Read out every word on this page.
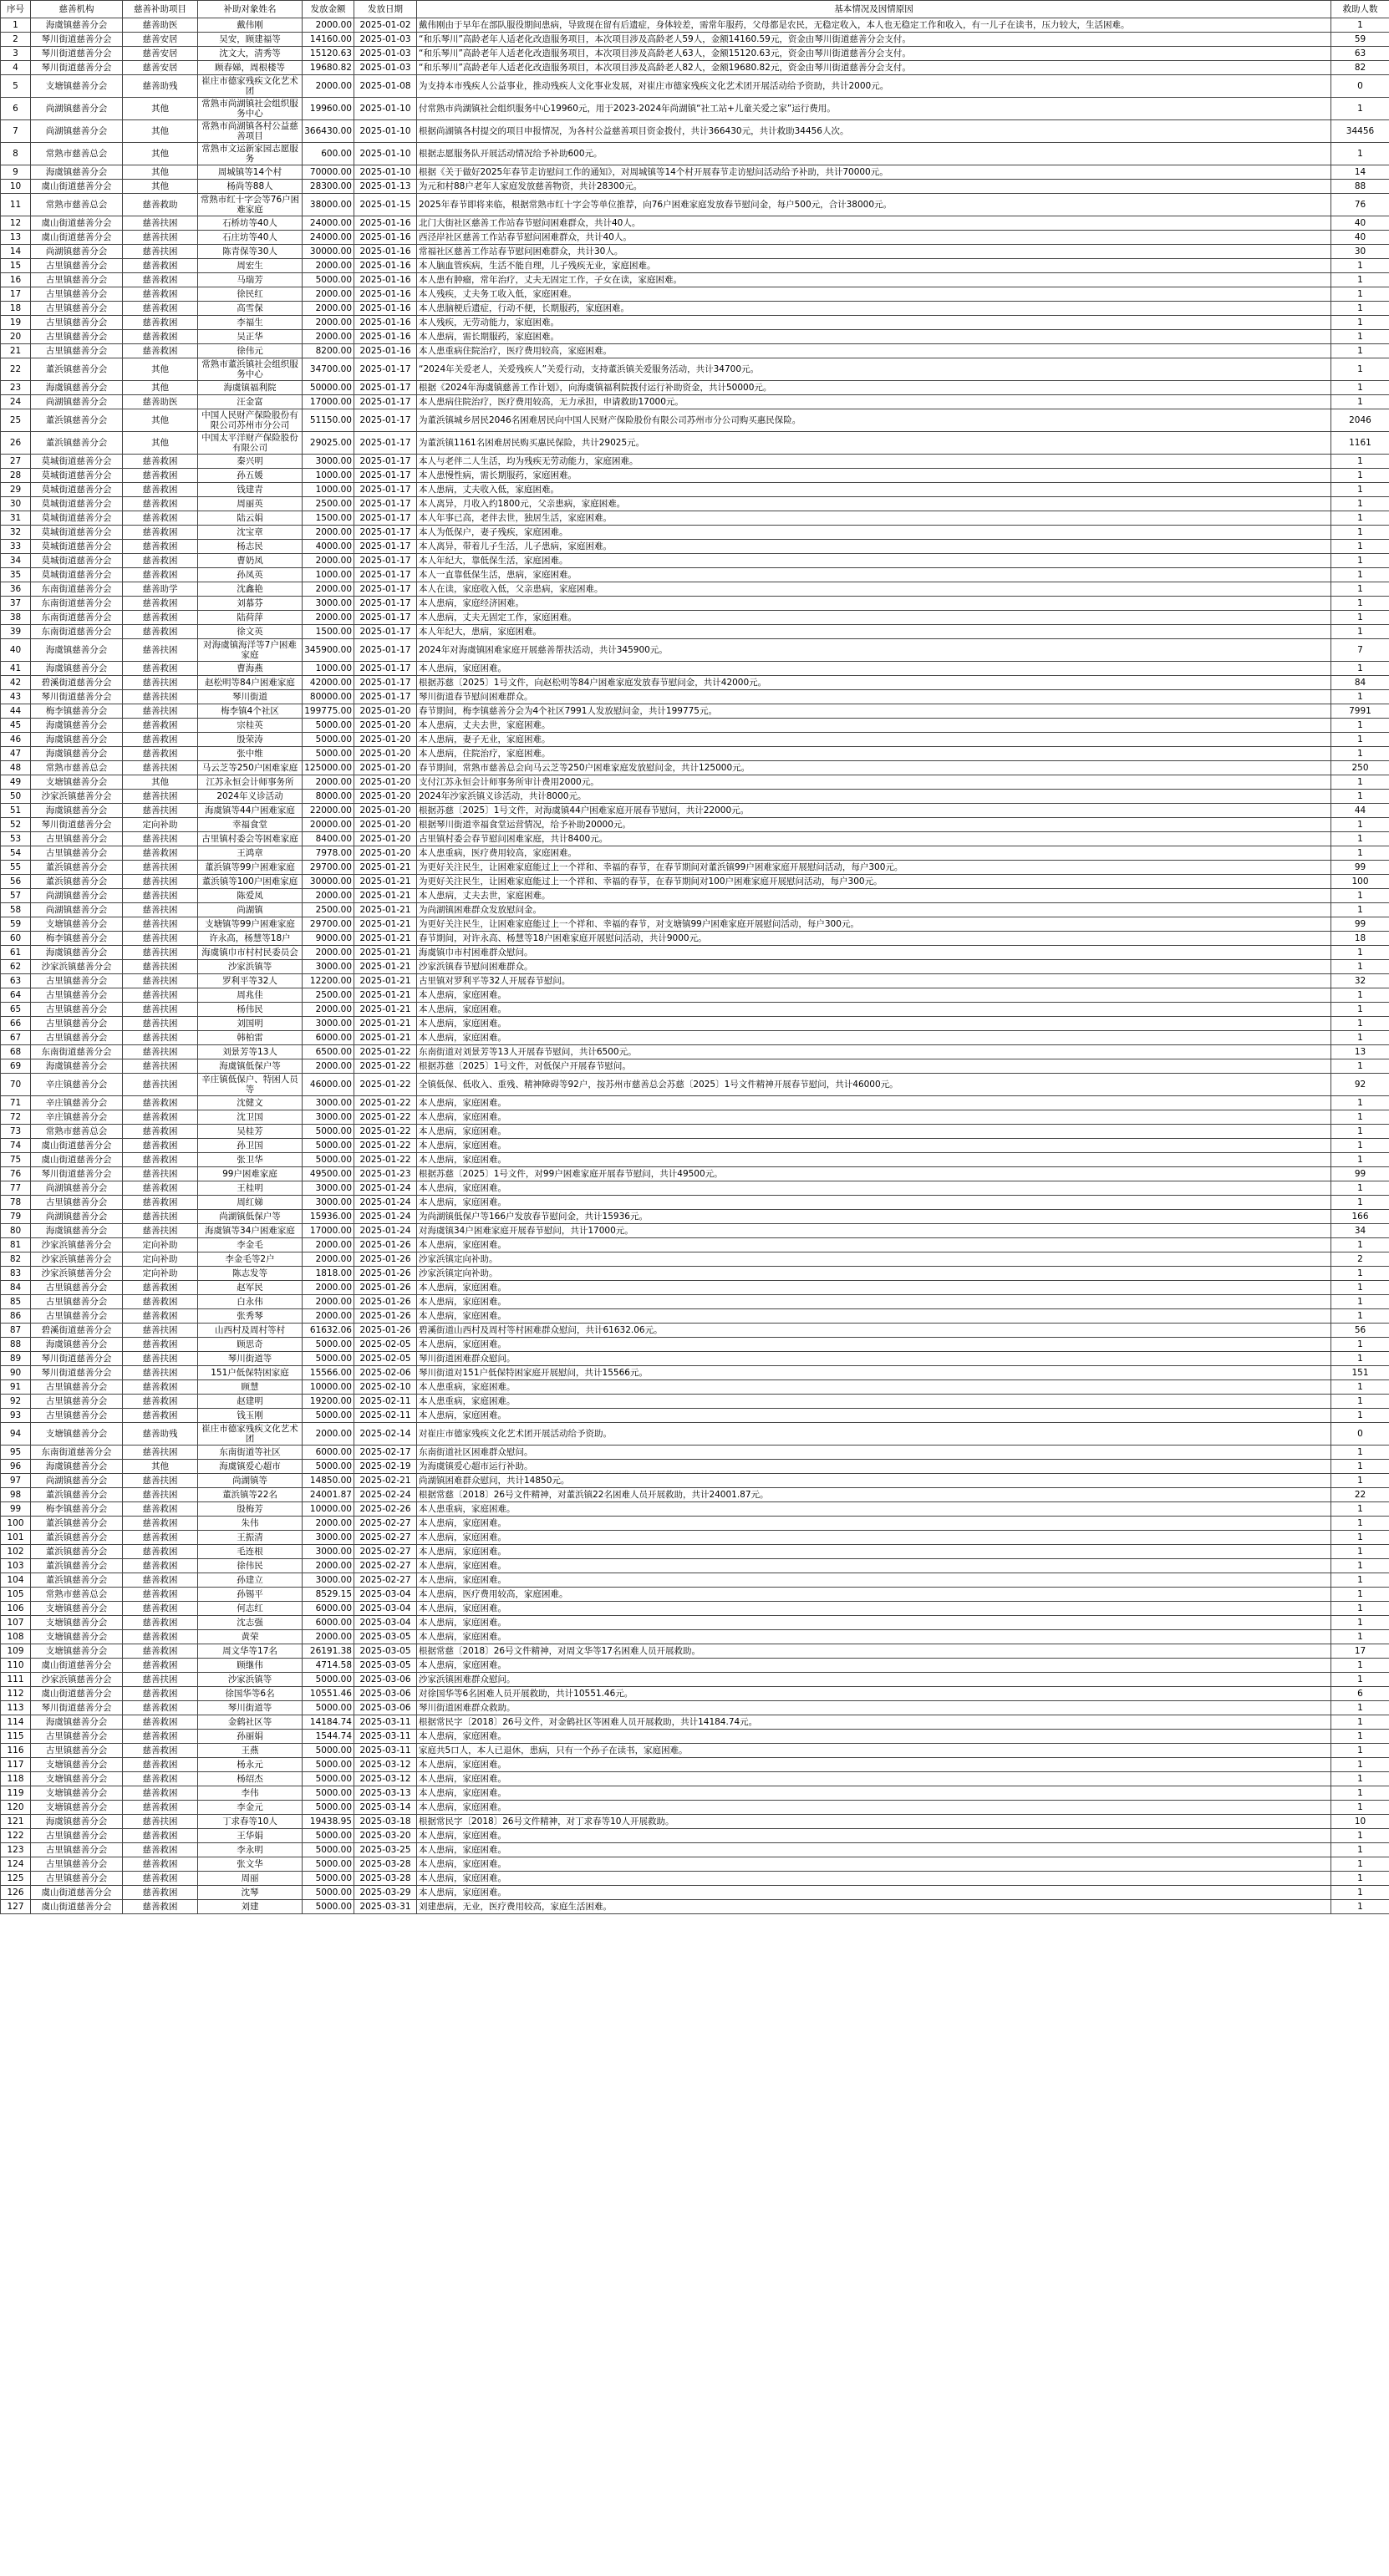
序号	慈善机构	慈善补助项目	补助对象姓名	发放金额	发放日期	基本情况及因情原因	救助人数
1	海虞镇慈善分会	慈善助医	戴伟刚	2000.00	2025-01-02	戴伟刚由于早年在部队服役期间患病，导致现在留有后遗症，身体较差，需常年服药，父母都是农民，无稳定收入，本人也无稳定工作和收入，有一儿子在读书，压力较大，生活困难。	1
2	琴川街道慈善分会	慈善安居	吴安，顾建福等	14160.00	2025-01-03	“和乐琴川”高龄老年人适老化改造服务项目，本次项目涉及高龄老人59人，金额14160.59元，资金由琴川街道慈善分会支付。	59
3	琴川街道慈善分会	慈善安居	沈文大，清秀等	15120.63	2025-01-03	“和乐琴川”高龄老年人适老化改造服务项目，本次项目涉及高龄老人63人，金额15120.63元，资金由琴川街道慈善分会支付。	63
4	琴川街道慈善分会	慈善安居	顾春娣，周根楼等	19680.82	2025-01-03	“和乐琴川”高龄老年人适老化改造服务项目，本次项目涉及高龄老人82人，金额19680.82元，资金由琴川街道慈善分会支付。	82
5	支塘镇慈善分会	慈善助残	崔庄市德家残疾文化艺术团	2000.00	2025-01-08	为支持本市残疾人公益事业，推动残疾人文化事业发展，对崔庄市德家残疾文化艺术团开展活动给予资助，共计2000元。	0
6	尚湖镇慈善分会	其他	常熟市尚湖镇社会组织服务中心	19960.00	2025-01-10	付常熟市尚湖镇社会组织服务中心19960元，用于2023-2024年尚湖镇“社工站+儿童关爱之家”运行费用。	1
7	尚湖镇慈善分会	其他	常熟市尚湖镇各村公益慈善项目	366430.00	2025-01-10	根据尚湖镇各村提交的项目申报情况，为各村公益慈善项目资金拨付，共计366430元，共计救助34456人次。	34456
8	常熟市慈善总会	其他	常熟市文运新家园志愿服务	600.00	2025-01-10	根据志愿服务队开展活动情况给予补助600元。	1
9	海虞镇慈善分会	其他	周城镇等14个村	70000.00	2025-01-10	根据《关于做好2025年春节走访慰问工作的通知》，对周城镇等14个村开展春节走访慰问活动给予补助，共计70000元。	14
10	虞山街道慈善分会	其他	杨尚等88人	28300.00	2025-01-13	为元和村88户老年人家庭发放慈善物资，共计28300元。	88
11	常熟市慈善总会	慈善救助	常熟市红十字会等76户困难家庭	38000.00	2025-01-15	2025年春节即将来临，根据常熟市红十字会等单位推荐，向76户困难家庭发放春节慰问金，每户500元，合计38000元。	76
12	虞山街道慈善分会	慈善扶困	石桥坊等40人	24000.00	2025-01-16	北门大街社区慈善工作站春节慰问困难群众，共计40人。	40
13	虞山街道慈善分会	慈善扶困	石庄坊等40人	24000.00	2025-01-16	西泾岸社区慈善工作站春节慰问困难群众，共计40人。	40
14	尚湖镇慈善分会	慈善扶困	陈青保等30人	30000.00	2025-01-16	常福社区慈善工作站春节慰问困难群众，共计30人。	30
15	古里镇慈善分会	慈善救困	周宏生	2000.00	2025-01-16	本人脑血管疾病，生活不能自理，儿子残疾无业，家庭困难。	1
16	古里镇慈善分会	慈善救困	马瑞芳	5000.00	2025-01-16	本人患有肿瘤，常年治疗，丈夫无固定工作，子女在读，家庭困难。	1
17	古里镇慈善分会	慈善救困	徐民红	2000.00	2025-01-16	本人残疾，丈夫务工收入低，家庭困难。	1
18	古里镇慈善分会	慈善救困	高雪保	2000.00	2025-01-16	本人患脑梗后遗症，行动不便，长期服药，家庭困难。	1
19	古里镇慈善分会	慈善救困	李福生	2000.00	2025-01-16	本人残疾，无劳动能力，家庭困难。	1
20	古里镇慈善分会	慈善救困	吴正华	2000.00	2025-01-16	本人患病，需长期服药，家庭困难。	1
21	古里镇慈善分会	慈善救困	徐伟元	8200.00	2025-01-16	本人患重病住院治疗，医疗费用较高，家庭困难。	1
22	董浜镇慈善分会	其他	常熟市董浜镇社会组织服务中心	34700.00	2025-01-17	“2024年关爱老人，关爱残疾人”关爱行动，支持董浜镇关爱服务活动，共计34700元。	1
23	海虞镇慈善分会	其他	海虞镇福利院	50000.00	2025-01-17	根据《2024年海虞镇慈善工作计划》，向海虞镇福利院拨付运行补助资金，共计50000元。	1
24	尚湖镇慈善分会	慈善助医	汪金富	17000.00	2025-01-17	本人患病住院治疗，医疗费用较高，无力承担，申请救助17000元。	1
25	董浜镇慈善分会	其他	中国人民财产保险股份有限公司苏州市分公司	51150.00	2025-01-17	为董浜镇城乡居民2046名困难居民向中国人民财产保险股份有限公司苏州市分公司购买惠民保险。	2046
26	董浜镇慈善分会	其他	中国太平洋财产保险股份有限公司	29025.00	2025-01-17	为董浜镇1161名困难居民购买惠民保险，共计29025元。	1161
27	莫城街道慈善分会	慈善救困	秦兴明	3000.00	2025-01-17	本人与老伴二人生活，均为残疾无劳动能力，家庭困难。	1
28	莫城街道慈善分会	慈善救困	孙五媛	1000.00	2025-01-17	本人患慢性病，需长期服药，家庭困难。	1
29	莫城街道慈善分会	慈善救困	钱建青	1000.00	2025-01-17	本人患病，丈夫收入低，家庭困难。	1
30	莫城街道慈善分会	慈善救困	周丽英	2500.00	2025-01-17	本人离异，月收入约1800元，父亲患病，家庭困难。	1
31	莫城街道慈善分会	慈善救困	陆云娟	1500.00	2025-01-17	本人年事已高，老伴去世，独居生活，家庭困难。	1
32	莫城街道慈善分会	慈善救困	沈宝章	2000.00	2025-01-17	本人为低保户，妻子残疾，家庭困难。	1
33	莫城街道慈善分会	慈善救困	杨志民	4000.00	2025-01-17	本人离异，带着儿子生活，儿子患病，家庭困难。	1
34	莫城街道慈善分会	慈善救困	曹奶凤	2000.00	2025-01-17	本人年纪大，靠低保生活，家庭困难。	1
35	莫城街道慈善分会	慈善救困	孙凤英	1000.00	2025-01-17	本人一直靠低保生活，患病，家庭困难。	1
36	东南街道慈善分会	慈善助学	沈鑫艳	2000.00	2025-01-17	本人在读，家庭收入低，父亲患病，家庭困难。	1
37	东南街道慈善分会	慈善救困	刘慕芬	3000.00	2025-01-17	本人患病，家庭经济困难。	1
38	东南街道慈善分会	慈善救困	陆荷萍	2000.00	2025-01-17	本人患病，丈夫无固定工作，家庭困难。	1
39	东南街道慈善分会	慈善救困	徐文英	1500.00	2025-01-17	本人年纪大，患病，家庭困难。	1
40	海虞镇慈善分会	慈善扶困	对海虞镇海洋等7户困难家庭	345900.00	2025-01-17	2024年对海虞镇困难家庭开展慈善帮扶活动，共计345900元。	7
41	海虞镇慈善分会	慈善救困	曹海燕	1000.00	2025-01-17	本人患病，家庭困难。	1
42	碧溪街道慈善分会	慈善扶困	赵松明等84户困难家庭	42000.00	2025-01-17	根据苏慈〔2025〕1号文件，向赵松明等84户困难家庭发放春节慰问金，共计42000元。	84
43	琴川街道慈善分会	慈善扶困	琴川街道	80000.00	2025-01-17	琴川街道春节慰问困难群众。	1
44	梅李镇慈善分会	慈善扶困	梅李镇4个社区	199775.00	2025-01-20	春节期间，梅李镇慈善分会为4个社区7991人发放慰问金，共计199775元。	7991
45	海虞镇慈善分会	慈善救困	宗桂英	5000.00	2025-01-20	本人患病，丈夫去世，家庭困难。	1
46	海虞镇慈善分会	慈善救困	殷荣涛	5000.00	2025-01-20	本人患病，妻子无业，家庭困难。	1
47	海虞镇慈善分会	慈善救困	张中维	5000.00	2025-01-20	本人患病，住院治疗，家庭困难。	1
48	常熟市慈善总会	慈善扶困	马云芝等250户困难家庭	125000.00	2025-01-20	春节期间，常熟市慈善总会向马云芝等250户困难家庭发放慰问金，共计125000元。	250
49	支塘镇慈善分会	其他	江苏永恒会计师事务所	2000.00	2025-01-20	支付江苏永恒会计师事务所审计费用2000元。	1
50	沙家浜镇慈善分会	慈善扶困	2024年义诊活动	8000.00	2025-01-20	2024年沙家浜镇义诊活动，共计8000元。	1
51	海虞镇慈善分会	慈善扶困	海虞镇等44户困难家庭	22000.00	2025-01-20	根据苏慈〔2025〕1号文件，对海虞镇44户困难家庭开展春节慰问，共计22000元。	44
52	琴川街道慈善分会	定向补助	幸福食堂	20000.00	2025-01-20	根据琴川街道幸福食堂运营情况，给予补助20000元。	1
53	古里镇慈善分会	慈善扶困	古里镇村委会等困难家庭	8400.00	2025-01-20	古里镇村委会春节慰问困难家庭，共计8400元。	1
54	古里镇慈善分会	慈善救困	王鸿章	7978.00	2025-01-20	本人患重病，医疗费用较高，家庭困难。	1
55	董浜镇慈善分会	慈善扶困	董浜镇等99户困难家庭	29700.00	2025-01-21	为更好关注民生，让困难家庭能过上一个祥和、幸福的春节，在春节期间对董浜镇99户困难家庭开展慰问活动，每户300元。	99
56	董浜镇慈善分会	慈善扶困	董浜镇等100户困难家庭	30000.00	2025-01-21	为更好关注民生，让困难家庭能过上一个祥和、幸福的春节，在春节期间对100户困难家庭开展慰问活动，每户300元。	100
57	尚湖镇慈善分会	慈善扶困	陈爱凤	2000.00	2025-01-21	本人患病，丈夫去世，家庭困难。	1
58	尚湖镇慈善分会	慈善扶困	尚湖镇	2500.00	2025-01-21	为尚湖镇困难群众发放慰问金。	1
59	支塘镇慈善分会	慈善扶困	支塘镇等99户困难家庭	29700.00	2025-01-21	为更好关注民生，让困难家庭能过上一个祥和、幸福的春节，对支塘镇99户困难家庭开展慰问活动，每户300元。	99
60	梅李镇慈善分会	慈善扶困	许永高，杨慧等18户	9000.00	2025-01-21	春节期间，对许永高、杨慧等18户困难家庭开展慰问活动，共计9000元。	18
61	海虞镇慈善分会	慈善扶困	海虞镇巾市村村民委员会	2000.00	2025-01-21	海虞镇巾市村困难群众慰问。	1
62	沙家浜镇慈善分会	慈善扶困	沙家浜镇等	3000.00	2025-01-21	沙家浜镇春节慰问困难群众。	1
63	古里镇慈善分会	慈善扶困	罗利平等32人	12200.00	2025-01-21	古里镇对罗利平等32人开展春节慰问。	32
64	古里镇慈善分会	慈善扶困	周兆佳	2500.00	2025-01-21	本人患病，家庭困难。	1
65	古里镇慈善分会	慈善扶困	杨伟民	2000.00	2025-01-21	本人患病，家庭困难。	1
66	古里镇慈善分会	慈善扶困	刘国明	3000.00	2025-01-21	本人患病，家庭困难。	1
67	古里镇慈善分会	慈善扶困	韩柏雷	6000.00	2025-01-21	本人患病，家庭困难。	1
68	东南街道慈善分会	慈善扶困	刘景芳等13人	6500.00	2025-01-22	东南街道对刘景芳等13人开展春节慰问，共计6500元。	13
69	海虞镇慈善分会	慈善扶困	海虞镇低保户等	2000.00	2025-01-22	根据苏慈〔2025〕1号文件，对低保户开展春节慰问。	1
70	辛庄镇慈善分会	慈善扶困	辛庄镇低保户、特困人员等	46000.00	2025-01-22	全镇低保、低收入、重残、精神障碍等92户，按苏州市慈善总会苏慈〔2025〕1号文件精神开展春节慰问，共计46000元。	92
71	辛庄镇慈善分会	慈善救困	沈健文	3000.00	2025-01-22	本人患病，家庭困难。	1
72	辛庄镇慈善分会	慈善救困	沈卫国	3000.00	2025-01-22	本人患病，家庭困难。	1
73	常熟市慈善总会	慈善救困	吴桂芳	5000.00	2025-01-22	本人患病，家庭困难。	1
74	虞山街道慈善分会	慈善救困	孙卫国	5000.00	2025-01-22	本人患病，家庭困难。	1
75	虞山街道慈善分会	慈善救困	张卫华	5000.00	2025-01-22	本人患病，家庭困难。	1
76	琴川街道慈善分会	慈善扶困	99户困难家庭	49500.00	2025-01-23	根据苏慈〔2025〕1号文件，对99户困难家庭开展春节慰问，共计49500元。	99
77	尚湖镇慈善分会	慈善救困	王桂明	3000.00	2025-01-24	本人患病，家庭困难。	1
78	古里镇慈善分会	慈善救困	周红娣	3000.00	2025-01-24	本人患病，家庭困难。	1
79	尚湖镇慈善分会	慈善扶困	尚湖镇低保户等	15936.00	2025-01-24	为尚湖镇低保户等166户发放春节慰问金，共计15936元。	166
80	海虞镇慈善分会	慈善扶困	海虞镇等34户困难家庭	17000.00	2025-01-24	对海虞镇34户困难家庭开展春节慰问，共计17000元。	34
81	沙家浜镇慈善分会	定向补助	李金毛	2000.00	2025-01-26	本人患病，家庭困难。	1
82	沙家浜镇慈善分会	定向补助	李金毛等2户	2000.00	2025-01-26	沙家浜镇定向补助。	2
83	沙家浜镇慈善分会	定向补助	陈志发等	1818.00	2025-01-26	沙家浜镇定向补助。	1
84	古里镇慈善分会	慈善救困	赵军民	2000.00	2025-01-26	本人患病，家庭困难。	1
85	古里镇慈善分会	慈善救困	白永伟	2000.00	2025-01-26	本人患病，家庭困难。	1
86	古里镇慈善分会	慈善救困	张秀琴	2000.00	2025-01-26	本人患病，家庭困难。	1
87	碧溪街道慈善分会	慈善扶困	山西村及周村等村	61632.06	2025-01-26	碧溪街道山西村及周村等村困难群众慰问，共计61632.06元。	56
88	海虞镇慈善分会	慈善救困	顾思奇	5000.00	2025-02-05	本人患病，家庭困难。	1
89	琴川街道慈善分会	慈善扶困	琴川街道等	5000.00	2025-02-05	琴川街道困难群众慰问。	1
90	琴川街道慈善分会	慈善扶困	151户低保特困家庭	15566.00	2025-02-06	琴川街道对151户低保特困家庭开展慰问，共计15566元。	151
91	古里镇慈善分会	慈善救困	顾慧	10000.00	2025-02-10	本人患重病，家庭困难。	1
92	古里镇慈善分会	慈善救困	赵建明	19200.00	2025-02-11	本人患重病，家庭困难。	1
93	古里镇慈善分会	慈善救困	钱玉刚	5000.00	2025-02-11	本人患病，家庭困难。	1
94	支塘镇慈善分会	慈善助残	崔庄市德家残疾文化艺术团	2000.00	2025-02-14	对崔庄市德家残疾文化艺术团开展活动给予资助。	0
95	东南街道慈善分会	慈善扶困	东南街道等社区	6000.00	2025-02-17	东南街道社区困难群众慰问。	1
96	海虞镇慈善分会	其他	海虞镇爱心超市	5000.00	2025-02-19	为海虞镇爱心超市运行补助。	1
97	尚湖镇慈善分会	慈善扶困	尚湖镇等	14850.00	2025-02-21	尚湖镇困难群众慰问，共计14850元。	1
98	董浜镇慈善分会	慈善扶困	董浜镇等22名	24001.87	2025-02-24	根据常慈〔2018〕26号文件精神，对董浜镇22名困难人员开展救助，共计24001.87元。	22
99	梅李镇慈善分会	慈善救困	殷梅芳	10000.00	2025-02-26	本人患重病，家庭困难。	1
100	董浜镇慈善分会	慈善救困	朱伟	2000.00	2025-02-27	本人患病，家庭困难。	1
101	董浜镇慈善分会	慈善救困	王振清	3000.00	2025-02-27	本人患病，家庭困难。	1
102	董浜镇慈善分会	慈善救困	毛连根	3000.00	2025-02-27	本人患病，家庭困难。	1
103	董浜镇慈善分会	慈善救困	徐伟民	2000.00	2025-02-27	本人患病，家庭困难。	1
104	董浜镇慈善分会	慈善救困	孙建立	3000.00	2025-02-27	本人患病，家庭困难。	1
105	常熟市慈善总会	慈善救困	孙锡平	8529.15	2025-03-04	本人患病，医疗费用较高，家庭困难。	1
106	支塘镇慈善分会	慈善救困	何志红	6000.00	2025-03-04	本人患病，家庭困难。	1
107	支塘镇慈善分会	慈善救困	沈志强	6000.00	2025-03-04	本人患病，家庭困难。	1
108	支塘镇慈善分会	慈善救困	黄荣	2000.00	2025-03-05	本人患病，家庭困难。	1
109	支塘镇慈善分会	慈善救困	周文华等17名	26191.38	2025-03-05	根据常慈〔2018〕26号文件精神，对周文华等17名困难人员开展救助。	17
110	虞山街道慈善分会	慈善救困	顾继伟	4714.58	2025-03-05	本人患病，家庭困难。	1
111	沙家浜镇慈善分会	慈善扶困	沙家浜镇等	5000.00	2025-03-06	沙家浜镇困难群众慰问。	1
112	虞山街道慈善分会	慈善救困	徐国华等6名	10551.46	2025-03-06	对徐国华等6名困难人员开展救助，共计10551.46元。	6
113	琴川街道慈善分会	慈善救困	琴川街道等	5000.00	2025-03-06	琴川街道困难群众救助。	1
114	海虞镇慈善分会	慈善救困	金鹤社区等	14184.74	2025-03-11	根据常民字〔2018〕26号文件，对金鹤社区等困难人员开展救助，共计14184.74元。	1
115	古里镇慈善分会	慈善救困	孙丽娟	1544.74	2025-03-11	本人患病，家庭困难。	1
116	古里镇慈善分会	慈善救困	王燕	5000.00	2025-03-11	家庭共5口人，本人已退休，患病，只有一个孙子在读书，家庭困难。	1
117	支塘镇慈善分会	慈善救困	杨永元	5000.00	2025-03-12	本人患病，家庭困难。	1
118	支塘镇慈善分会	慈善救困	杨绍杰	5000.00	2025-03-12	本人患病，家庭困难。	1
119	支塘镇慈善分会	慈善救困	李伟	5000.00	2025-03-13	本人患病，家庭困难。	1
120	支塘镇慈善分会	慈善救困	李金元	5000.00	2025-03-14	本人患病，家庭困难。	1
121	海虞镇慈善分会	慈善扶困	丁求春等10人	19438.95	2025-03-18	根据常民字〔2018〕26号文件精神，对丁求春等10人开展救助。	10
122	古里镇慈善分会	慈善救困	王华娟	5000.00	2025-03-20	本人患病，家庭困难。	1
123	古里镇慈善分会	慈善救困	李永明	5000.00	2025-03-25	本人患病，家庭困难。	1
124	古里镇慈善分会	慈善救困	张文华	5000.00	2025-03-28	本人患病，家庭困难。	1
125	古里镇慈善分会	慈善救困	周丽	5000.00	2025-03-28	本人患病，家庭困难。	1
126	虞山街道慈善分会	慈善救困	沈琴	5000.00	2025-03-29	本人患病，家庭困难。	1
127	虞山街道慈善分会	慈善救困	刘建	5000.00	2025-03-31	刘建患病，无业，医疗费用较高，家庭生活困难。	1
